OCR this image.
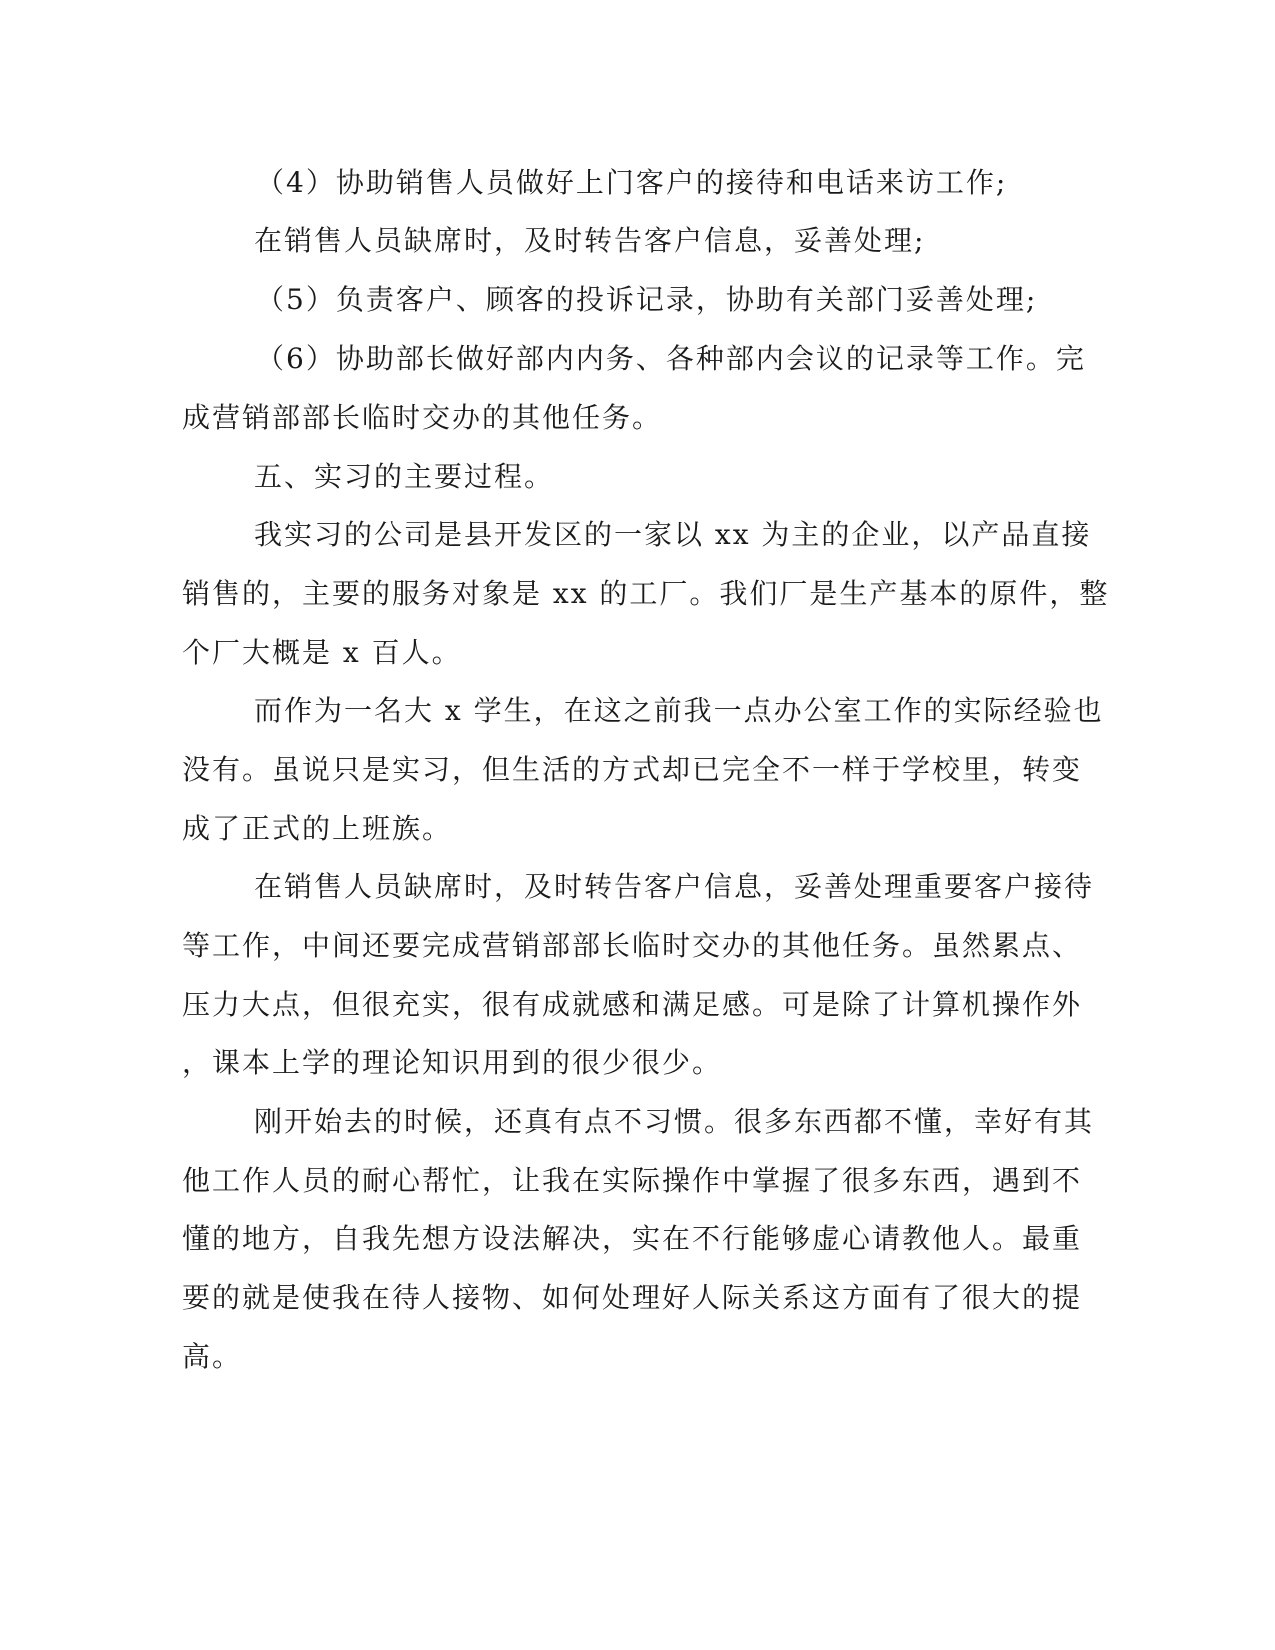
（4）协助销售人员做好上门客户的接待和电话来访工作;
在销售人员缺席时，及时转告客户信息，妥善处理;
（5）负责客户、顾客的投诉记录，协助有关部门妥善处理;
（6）协助部长做好部内内务、各种部内会议的记录等工作。完
成营销部部长临时交办的其他任务。
五、实习的主要过程。
我实习的公司是县开发区的一家以 xx 为主的企业，以产品直接
销售的，主要的服务对象是 xx 的工厂。我们厂是生产基本的原件，整
个厂大概是 x 百人。
而作为一名大 x 学生，在这之前我一点办公室工作的实际经验也
没有。虽说只是实习，但生活的方式却已完全不一样于学校里，转变
成了正式的上班族。
在销售人员缺席时，及时转告客户信息，妥善处理重要客户接待
等工作，中间还要完成营销部部长临时交办的其他任务。虽然累点、
压力大点，但很充实，很有成就感和满足感。可是除了计算机操作外
，课本上学的理论知识用到的很少很少。
刚开始去的时候，还真有点不习惯。很多东西都不懂，幸好有其
他工作人员的耐心帮忙，让我在实际操作中掌握了很多东西，遇到不
懂的地方，自我先想方设法解决，实在不行能够虚心请教他人。最重
要的就是使我在待人接物、如何处理好人际关系这方面有了很大的提
高。
